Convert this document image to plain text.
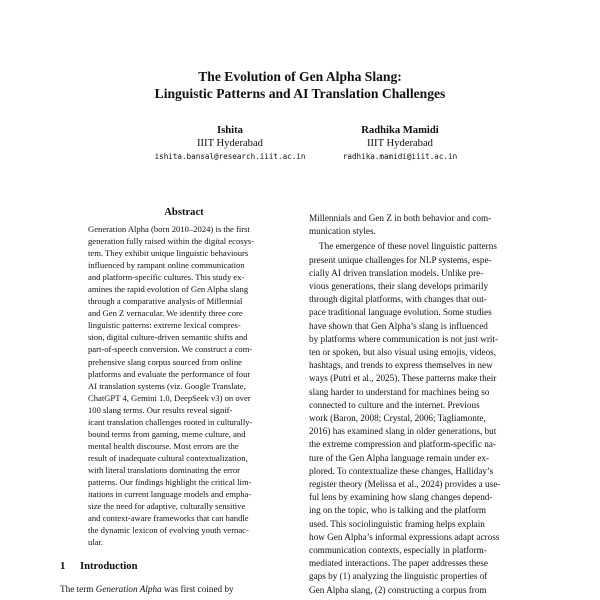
The Evolution of Gen Alpha Slang:
Linguistic Patterns and AI Translation Challenges
Ishita
IIIT Hyderabad
ishita.bansal@research.iiit.ac.in
Radhika Mamidi
IIIT Hyderabad
radhika.mamidi@iiit.ac.in
Abstract
Generation Alpha (born 2010–2024) is the first
generation fully raised within the digital ecosys-
tem. They exhibit unique linguistic behaviours
influenced by rampant online communication
and platform-specific cultures. This study ex-
amines the rapid evolution of Gen Alpha slang
through a comparative analysis of Millennial
and Gen Z vernacular. We identify three core
linguistic patterns: extreme lexical compres-
sion, digital culture-driven semantic shifts and
part-of-speech conversion. We construct a com-
prehensive slang corpus sourced from online
platforms and evaluate the performance of four
AI translation systems (viz. Google Translate,
ChatGPT 4, Gemini 1.0, DeepSeek v3) on over
100 slang terms. Our results reveal signif-
icant translation challenges rooted in culturally-
bound terms from gaming, meme culture, and
mental health discourse. Most errors are the
result of inadequate cultural contextualization,
with literal translations dominating the error
patterns. Our findings highlight the critical lim-
itations in current language models and empha-
size the need for adaptive, culturally sensitive
and context-aware frameworks that can handle
the dynamic lexicon of evolving youth vernac-
ular.
1 Introduction
The term Generation Alpha was first coined by
Millennials and Gen Z in both behavior and com-
munication styles.
The emergence of these novel linguistic patterns
present unique challenges for NLP systems, espe-
cially AI driven translation models. Unlike pre-
vious generations, their slang develops primarily
through digital platforms, with changes that out-
pace traditional language evolution. Some studies
have shown that Gen Alpha’s slang is influenced
by platforms where communication is not just writ-
ten or spoken, but also visual using emojis, videos,
hashtags, and trends to express themselves in new
ways (Putri et al., 2025). These patterns make their
slang harder to understand for machines being so
connected to culture and the internet. Previous
work (Baron, 2008; Crystal, 2006; Tagliamonte,
2016) has examined slang in older generations, but
the extreme compression and platform-specific na-
ture of the Gen Alpha language remain under ex-
plored. To contextualize these changes, Halliday’s
register theory (Melissa et al., 2024) provides a use-
ful lens by examining how slang changes depend-
ing on the topic, who is talking and the platform
used. This sociolinguistic framing helps explain
how Gen Alpha’s informal expressions adapt across
communication contexts, especially in platform-
mediated interactions. The paper addresses these
gaps by (1) analyzing the linguistic properties of
Gen Alpha slang, (2) constructing a corpus from
